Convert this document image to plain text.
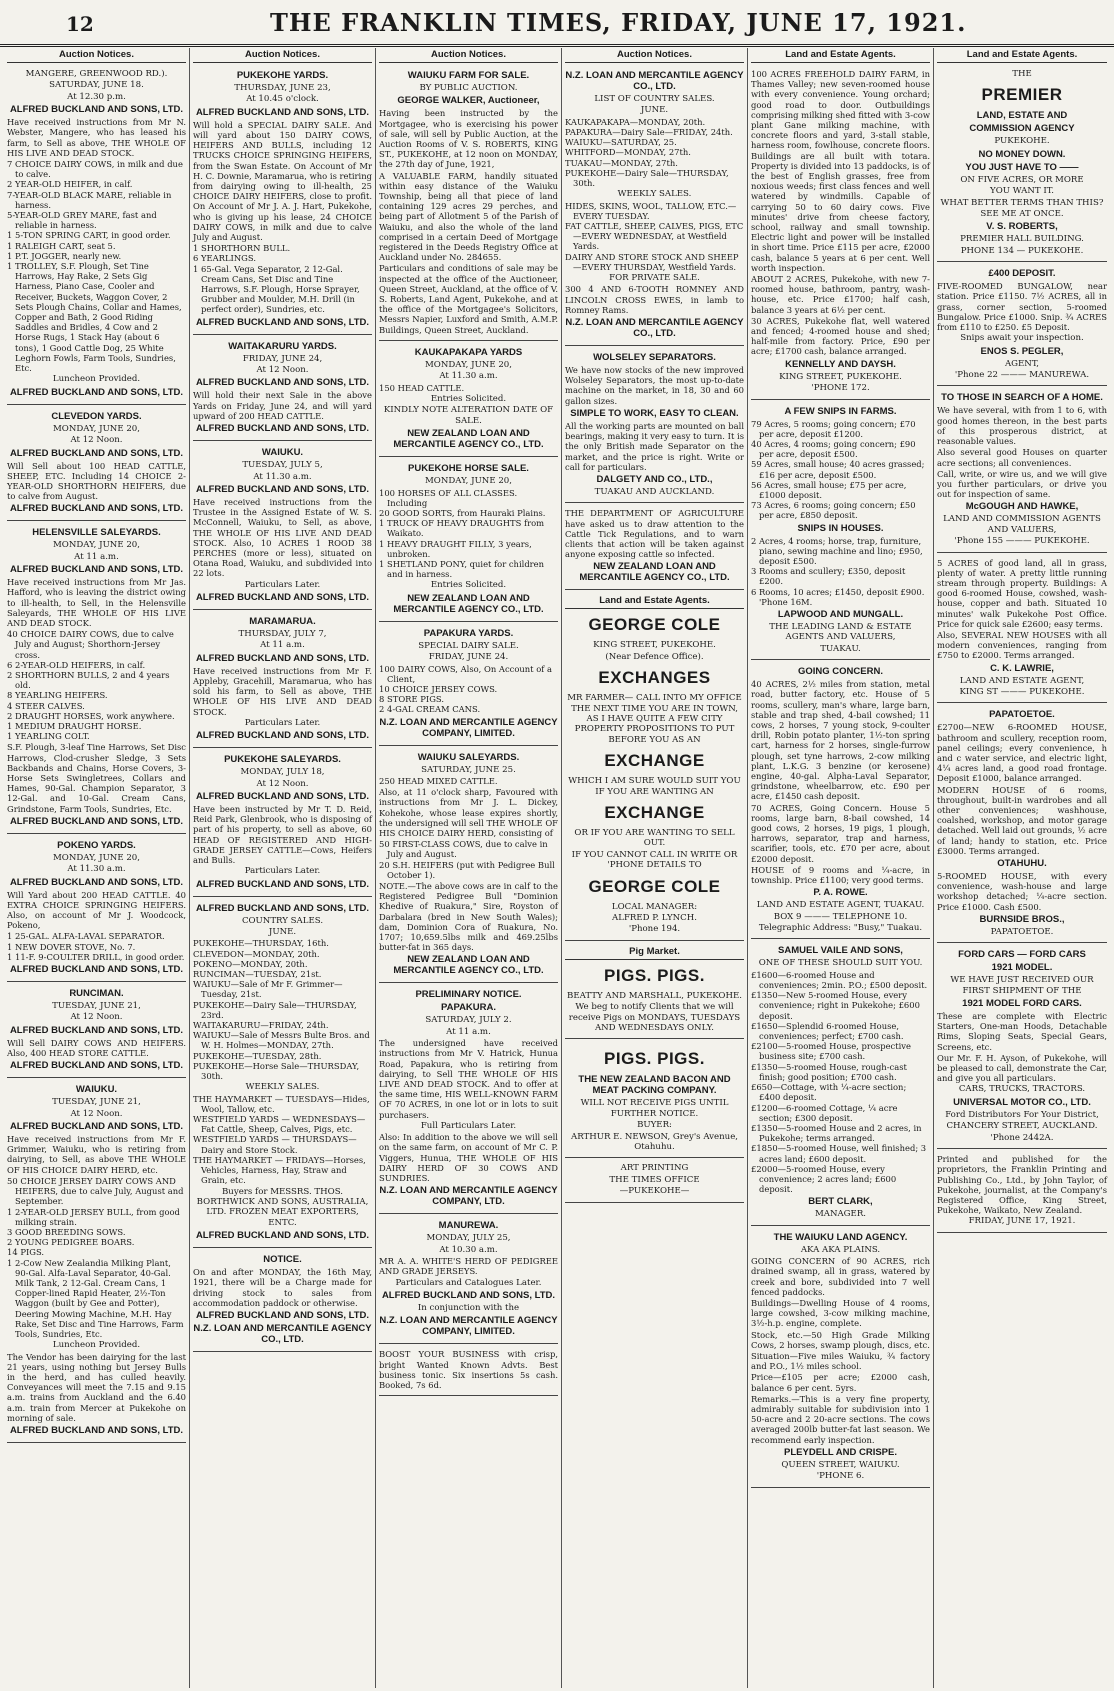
12	THE FRANKLIN TIMES, FRIDAY, JUNE 17, 1921.
Auction Notices.
MANGERE, GREENWOOD RD.).
SATURDAY, JUNE 18.
At 12.30 p.m.
ALFRED BUCKLAND AND SONS, LTD.
Have received instructions from Mr N. Webster, Mangere, who has leased his farm, to Sell as above, THE WHOLE OF HIS LIVE AND DEAD STOCK.
7 CHOICE DAIRY COWS, in milk and due to calve.
2 YEAR-OLD HEIFER, in calf.
7-YEAR-OLD BLACK MARE, reliable in harness.
5-YEAR-OLD GREY MARE, fast and reliable in harness.
1 5-TON SPRING CART, in good order.
1 RALEIGH CART, seat 5.
1 P.T. JOGGER, nearly new.
1 TROLLEY, S.F. Plough, Set Tine Harrows, Hay Rake, 2 Sets Gig Harness, Piano Case, Cooler and Receiver, Buckets, Waggon Cover, 2 Sets Plough Chains, Collar and Hames, Copper and Bath, 2 Good Riding Saddles and Bridles, 4 Cow and 2 Horse Rugs, 1 Stack Hay (about 6 tons), 1 Good Cattle Dog, 25 White Leghorn Fowls, Farm Tools, Sundries, Etc.
Luncheon Provided.
ALFRED BUCKLAND AND SONS, LTD.
CLEVEDON YARDS.
MONDAY, JUNE 20,
At 12 Noon.
ALFRED BUCKLAND AND SONS, LTD.
Will Sell about 100 HEAD CATTLE, SHEEP, ETC. Including 14 CHOICE 2-YEAR-OLD SHORTHORN HEIFERS, due to calve from August.
ALFRED BUCKLAND AND SONS, LTD.
HELENSVILLE SALEYARDS.
MONDAY, JUNE 20,
At 11 a.m.
ALFRED BUCKLAND AND SONS, LTD.
Have received instructions from Mr Jas. Hafford, who is leaving the district owing to ill-health, to Sell, in the Helensville Saleyards, THE WHOLE OF HIS LIVE AND DEAD STOCK.
40 CHOICE DAIRY COWS, due to calve July and August; Shorthorn-Jersey cross.
6 2-YEAR-OLD HEIFERS, in calf.
2 SHORTHORN BULLS, 2 and 4 years old.
8 YEARLING HEIFERS.
4 STEER CALVES.
2 DRAUGHT HORSES, work anywhere.
1 MEDIUM DRAUGHT HORSE.
1 YEARLING COLT.
S.F. Plough, 3-leaf Tine Harrows, Set Disc Harrows, Clod-crusher Sledge, 3 Sets Backbands and Chains, Horse Covers, 3-Horse Sets Swingletrees, Collars and Hames, 90-Gal. Champion Separator, 3 12-Gal. and 10-Gal. Cream Cans, Grindstone, Farm Tools, Sundries, Etc.
ALFRED BUCKLAND AND SONS, LTD.
POKENO YARDS.
MONDAY, JUNE 20,
At 11.30 a.m.
ALFRED BUCKLAND AND SONS, LTD.
Will Yard about 200 HEAD CATTLE. 40 EXTRA CHOICE SPRINGING HEIFERS. Also, on account of Mr J. Woodcock, Pokeno,
1 25-GAL. ALFA-LAVAL SEPARATOR.
1 NEW DOVER STOVE, No. 7.
1 11-F. 9-COULTER DRILL, in good order.
ALFRED BUCKLAND AND SONS, LTD.
RUNCIMAN.
TUESDAY, JUNE 21,
At 12 Noon.
ALFRED BUCKLAND AND SONS, LTD.
Will Sell DAIRY COWS AND HEIFERS. Also, 400 HEAD STORE CATTLE.
ALFRED BUCKLAND AND SONS, LTD.
WAIUKU.
TUESDAY, JUNE 21,
At 12 Noon.
ALFRED BUCKLAND AND SONS, LTD.
Have received instructions from Mr F. Grimmer, Waiuku, who is retiring from dairying, to Sell, as above THE WHOLE OF HIS CHOICE DAIRY HERD, etc.
50 CHOICE JERSEY DAIRY COWS AND HEIFERS, due to calve July, August and September.
1 2-YEAR-OLD JERSEY BULL, from good milking strain.
3 GOOD BREEDING SOWS.
2 YOUNG PEDIGREE BOARS.
14 PIGS.
1 2-Cow New Zealandia Milking Plant, 90-Gal. Alfa-Laval Separator, 40-Gal. Milk Tank, 2 12-Gal. Cream Cans, 1 Copper-lined Rapid Heater, 2½-Ton Waggon (built by Gee and Potter), Deering Mowing Machine, M.H. Hay Rake, Set Disc and Tine Harrows, Farm Tools, Sundries, Etc.
Luncheon Provided.
The Vendor has been dairying for the last 21 years, using nothing but Jersey Bulls in the herd, and has culled heavily. Conveyances will meet the 7.15 and 9.15 a.m. trains from Auckland and the 6.40 a.m. train from Mercer at Pukekohe on morning of sale.
ALFRED BUCKLAND AND SONS, LTD.
Auction Notices.
PUKEKOHE YARDS.
THURSDAY, JUNE 23,
At 10.45 o'clock.
ALFRED BUCKLAND AND SONS, LTD.
Will hold a SPECIAL DAIRY SALE. And will yard about 150 DAIRY COWS, HEIFERS AND BULLS, including 12 TRUCKS CHOICE SPRINGING HEIFERS, from the Swan Estate. On Account of Mr H. C. Downie, Maramarua, who is retiring from dairying owing to ill-health, 25 CHOICE DAIRY HEIFERS, close to profit. On Account of Mr J. A. J. Hart, Pukekohe, who is giving up his lease, 24 CHOICE DAIRY COWS, in milk and due to calve July and August.
1 SHORTHORN BULL.
6 YEARLINGS.
1 65-Gal. Vega Separator, 2 12-Gal. Cream Cans, Set Disc and Tine Harrows, S.F. Plough, Horse Sprayer, Grubber and Moulder, M.H. Drill (in perfect order), Sundries, etc.
ALFRED BUCKLAND AND SONS, LTD.
WAITAKARURU YARDS.
FRIDAY, JUNE 24,
At 12 Noon.
ALFRED BUCKLAND AND SONS, LTD.
Will hold their next Sale in the above Yards on Friday, June 24, and will yard upward of 200 HEAD CATTLE.
ALFRED BUCKLAND AND SONS, LTD.
WAIUKU.
TUESDAY, JULY 5,
At 11.30 a.m.
ALFRED BUCKLAND AND SONS, LTD.
Have received instructions from the Trustee in the Assigned Estate of W. S. McConnell, Waiuku, to Sell, as above, THE WHOLE OF HIS LIVE AND DEAD STOCK. Also, 10 ACRES 1 ROOD 38 PERCHES (more or less), situated on Otana Road, Waiuku, and subdivided into 22 lots.
Particulars Later.
ALFRED BUCKLAND AND SONS, LTD.
MARAMARUA.
THURSDAY, JULY 7,
At 11 a.m.
ALFRED BUCKLAND AND SONS, LTD.
Have received instructions from Mr F. Appleby, Gracehill, Maramarua, who has sold his farm, to Sell as above, THE WHOLE OF HIS LIVE AND DEAD STOCK.
Particulars Later.
ALFRED BUCKLAND AND SONS, LTD.
PUKEKOHE SALEYARDS.
MONDAY, JULY 18,
At 12 Noon.
ALFRED BUCKLAND AND SONS, LTD.
Have been instructed by Mr T. D. Reid, Reid Park, Glenbrook, who is disposing of part of his property, to sell as above, 60 HEAD OF REGISTERED AND HIGH-GRADE JERSEY CATTLE—Cows, Heifers and Bulls.
Particulars Later.
ALFRED BUCKLAND AND SONS, LTD.
ALFRED BUCKLAND AND SONS, LTD.
COUNTRY SALES.
JUNE.
PUKEKOHE—THURSDAY, 16th.
CLEVEDON—MONDAY, 20th.
POKENO—MONDAY, 20th.
RUNCIMAN—TUESDAY, 21st.
WAIUKU—Sale of Mr F. Grimmer—Tuesday, 21st.
PUKEKOHE—Dairy Sale—THURSDAY, 23rd.
WAITAKARURU—FRIDAY, 24th.
WAIUKU—Sale of Messrs Bulte Bros. and W. H. Holmes—MONDAY, 27th.
PUKEKOHE—TUESDAY, 28th.
PUKEKOHE—Horse Sale—THURSDAY, 30th.
WEEKLY SALES.
THE HAYMARKET — TUESDAYS—Hides, Wool, Tallow, etc.
WESTFIELD YARDS — WEDNESDAYS—Fat Cattle, Sheep, Calves, Pigs, etc.
WESTFIELD YARDS — THURSDAYS—Dairy and Store Stock.
THE HAYMARKET — FRIDAYS—Horses, Vehicles, Harness, Hay, Straw and Grain, etc.
Buyers for MESSRS. THOS. BORTHWICK AND SONS, AUSTRALIA, LTD. FROZEN MEAT EXPORTERS, ENTC.
ALFRED BUCKLAND AND SONS, LTD.
NOTICE.
On and after MONDAY, the 16th May, 1921, there will be a Charge made for driving stock to sales from accommodation paddock or otherwise.
ALFRED BUCKLAND AND SONS, LTD.
N.Z. LOAN AND MERCANTILE AGENCY CO., LTD.
Auction Notices.
WAIUKU FARM FOR SALE.
BY PUBLIC AUCTION.
GEORGE WALKER, Auctioneer,
Having been instructed by the Mortgagee, who is exercising his power of sale, will sell by Public Auction, at the Auction Rooms of V. S. ROBERTS, KING ST., PUKEKOHE, at 12 noon on MONDAY, the 27th day of June, 1921,
A VALUABLE FARM, handily situated within easy distance of the Waiuku Township, being all that piece of land containing 129 acres 29 perches, and being part of Allotment 5 of the Parish of Waiuku, and also the whole of the land comprised in a certain Deed of Mortgage registered in the Deeds Registry Office at Auckland under No. 284655.
Particulars and conditions of sale may be inspected at the office of the Auctioneer, Queen Street, Auckland, at the office of V. S. Roberts, Land Agent, Pukekohe, and at the office of the Mortgagee's Solicitors, Messrs Napier, Luxford and Smith, A.M.P. Buildings, Queen Street, Auckland.
KAUKAPAKAPA YARDS
MONDAY, JUNE 20,
At 11.30 a.m.
150 HEAD CATTLE.
Entries Solicited.
KINDLY NOTE ALTERATION DATE OF SALE.
NEW ZEALAND LOAN AND MERCANTILE AGENCY CO., LTD.
PUKEKOHE HORSE SALE.
MONDAY, JUNE 20,
100 HORSES OF ALL CLASSES. Including
20 GOOD SORTS, from Hauraki Plains.
1 TRUCK OF HEAVY DRAUGHTS from Waikato.
1 HEAVY DRAUGHT FILLY, 3 years, unbroken.
1 SHETLAND PONY, quiet for children and in harness.
Entries Solicited.
NEW ZEALAND LOAN AND MERCANTILE AGENCY CO., LTD.
PAPAKURA YARDS.
SPECIAL DAIRY SALE.
FRIDAY, JUNE 24.
100 DAIRY COWS, Also, On Account of a Client,
10 CHOICE JERSEY COWS.
8 STORE PIGS.
2 4-GAL CREAM CANS.
N.Z. LOAN AND MERCANTILE AGENCY COMPANY, LIMITED.
WAIUKU SALEYARDS.
SATURDAY, JUNE 25.
250 HEAD MIXED CATTLE.
Also, at 11 o'clock sharp, Favoured with instructions from Mr J. L. Dickey, Kohekohe, whose lease expires shortly, the undersigned will sell THE WHOLE OF HIS CHOICE DAIRY HERD, consisting of
50 FIRST-CLASS COWS, due to calve in July and August.
20 S.H. HEIFERS (put with Pedigree Bull October 1).
NOTE.—The above cows are in calf to the Registered Pedigree Bull "Dominion Khedive of Ruakura," Sire, Royston of Darbalara (bred in New South Wales); dam, Dominion Cora of Ruakura, No. 1707; 10,659.5lbs milk and 469.25lbs butter-fat in 365 days.
NEW ZEALAND LOAN AND MERCANTILE AGENCY CO., LTD.
PRELIMINARY NOTICE.
PAPAKURA.
SATURDAY, JULY 2.
At 11 a.m.
The undersigned have received instructions from Mr V. Hatrick, Hunua Road, Papakura, who is retiring from dairying, to Sell THE WHOLE OF HIS LIVE AND DEAD STOCK. And to offer at the same time, HIS WELL-KNOWN FARM OF 70 ACRES, in one lot or in lots to suit purchasers.
Full Particulars Later.
Also: In addition to the above we will sell on the same farm, on account of Mr C. P. Viggers, Hunua, THE WHOLE OF HIS DAIRY HERD OF 30 COWS AND SUNDRIES.
N.Z. LOAN AND MERCANTILE AGENCY COMPANY, LTD.
MANUREWA.
MONDAY, JULY 25,
At 10.30 a.m.
MR A. A. WHITE'S HERD OF PEDIGREE AND GRADE JERSEYS.
Particulars and Catalogues Later.
ALFRED BUCKLAND AND SONS, LTD.
In conjunction with the
N.Z. LOAN AND MERCANTILE AGENCY COMPANY, LIMITED.
BOOST YOUR BUSINESS with crisp, bright Wanted Known Advts. Best business tonic. Six insertions 5s cash. Booked, 7s 6d.
Auction Notices.
N.Z. LOAN AND MERCANTILE AGENCY CO., LTD.
LIST OF COUNTRY SALES.
JUNE.
KAUKAPAKAPA—MONDAY, 20th.
PAPAKURA—Dairy Sale—FRIDAY, 24th.
WAIUKU—SATURDAY, 25.
WHITFORD—MONDAY, 27th.
TUAKAU—MONDAY, 27th.
PUKEKOHE—Dairy Sale—THURSDAY, 30th.
WEEKLY SALES.
HIDES, SKINS, WOOL, TALLOW, ETC.—EVERY TUESDAY.
FAT CATTLE, SHEEP, CALVES, PIGS, ETC—EVERY WEDNESDAY, at Westfield Yards.
DAIRY AND STORE STOCK AND SHEEP—EVERY THURSDAY, Westfield Yards.
FOR PRIVATE SALE.
300 4 AND 6-TOOTH ROMNEY AND LINCOLN CROSS EWES, in lamb to Romney Rams.
N.Z. LOAN AND MERCANTILE AGENCY CO., LTD.
WOLSELEY SEPARATORS.
We have now stocks of the new improved Wolseley Separators, the most up-to-date machine on the market, in 18, 30 and 60 gallon sizes.
SIMPLE TO WORK, EASY TO CLEAN.
All the working parts are mounted on ball bearings, making it very easy to turn. It is the only British made Separator on the market, and the price is right. Write or call for particulars.
DALGETY AND CO., LTD.,
TUAKAU AND AUCKLAND.
THE DEPARTMENT OF AGRICULTURE have asked us to draw attention to the Cattle Tick Regulations, and to warn clients that action will be taken against anyone exposing cattle so infected.
NEW ZEALAND LOAN AND MERCANTILE AGENCY CO., LTD.
Land and Estate Agents.
GEORGE COLE
KING STREET, PUKEKOHE.
(Near Defence Office).
EXCHANGES
MR FARMER— CALL INTO MY OFFICE THE NEXT TIME YOU ARE IN TOWN, AS I HAVE QUITE A FEW CITY PROPERTY PROPOSITIONS TO PUT BEFORE YOU AS AN
EXCHANGE
WHICH I AM SURE WOULD SUIT YOU IF YOU ARE WANTING AN
EXCHANGE
OR IF YOU ARE WANTING TO SELL OUT.
IF YOU CANNOT CALL IN WRITE OR 'PHONE DETAILS TO
GEORGE COLE
LOCAL MANAGER:
ALFRED P. LYNCH.
'Phone 194.
Pig Market.
PIGS. PIGS.
BEATTY AND MARSHALL, PUKEKOHE.
We beg to notify Clients that we will receive Pigs on MONDAYS, TUESDAYS AND WEDNESDAYS ONLY.
PIGS. PIGS.
THE NEW ZEALAND BACON AND MEAT PACKING COMPANY.
WILL NOT RECEIVE PIGS UNTIL FURTHER NOTICE.
BUYER:
ARTHUR E. NEWSON, Grey's Avenue, Otahuhu.
ART PRINTING
THE TIMES OFFICE
—PUKEKOHE—
Land and Estate Agents.
100 ACRES FREEHOLD DAIRY FARM, in Thames Valley; new seven-roomed house with every convenience. Young orchard; good road to door. Outbuildings comprising milking shed fitted with 3-cow plant Gane milking machine, with concrete floors and yard, 3-stall stable, harness room, fowlhouse, concrete floors. Buildings are all built with totara. Property is divided into 13 paddocks, is of the best of English grasses, free from noxious weeds; first class fences and well watered by windmills. Capable of carrying 50 to 60 dairy cows. Five minutes' drive from cheese factory, school, railway and small township. Electric light and power will be installed in short time. Price £115 per acre, £2000 cash, balance 5 years at 6 per cent. Well worth inspection.
ABOUT 2 ACRES, Pukekohe, with new 7-roomed house, bathroom, pantry, wash-house, etc. Price £1700; half cash, balance 3 years at 6½ per cent.
30 ACRES, Pukekohe flat, well watered and fenced; 4-roomed house and shed; half-mile from factory. Price, £90 per acre; £1700 cash, balance arranged.
KENNELLY AND DAYSH.
KING STREET, PUKEKOHE.
'PHONE 172.
A FEW SNIPS IN FARMS.
79 Acres, 5 rooms; going concern; £70 per acre, deposit £1200.
40 Acres, 4 rooms; going concern; £90 per acre, deposit £500.
59 Acres, small house; 40 acres grassed; £16 per acre, deposit £500.
56 Acres, small house; £75 per acre, £1000 deposit.
73 Acres, 6 rooms; going concern; £50 per acre, £850 deposit.
SNIPS IN HOUSES.
2 Acres, 4 rooms; horse, trap, furniture, piano, sewing machine and lino; £950, deposit £500.
3 Rooms and scullery; £350, deposit £200.
6 Rooms, 10 acres; £1450, deposit £900. 'Phone 16M.
LAPWOOD AND MUNGALL.
THE LEADING LAND & ESTATE AGENTS AND VALUERS,
TUAKAU.
GOING CONCERN.
40 ACRES, 2½ miles from station, metal road, butter factory, etc. House of 5 rooms, scullery, man's whare, large barn, stable and trap shed, 4-bail cowshed; 11 cows, 2 horses, 7 young stock, 9-coulter drill, Robin potato planter, 1½-ton spring cart, harness for 2 horses, single-furrow plough, set tyne harrows, 2-cow milking plant, L.K.G. 3 benzine (or kerosene) engine, 40-gal. Alpha-Laval Separator, grindstone, wheelbarrow, etc. £90 per acre, £1450 cash deposit.
70 ACRES, Going Concern. House 5 rooms, large barn, 8-bail cowshed, 14 good cows, 2 horses, 19 pigs, 1 plough, harrows, separator, trap and harness, scarifier, tools, etc. £70 per acre, about £2000 deposit.
HOUSE of 9 rooms and ¼-acre, in township. Price £1100; very good terms.
P. A. ROWE.
LAND AND ESTATE AGENT, TUAKAU.
BOX 9 ——— TELEPHONE 10.
Telegraphic Address: "Busy," Tuakau.
SAMUEL VAILE AND SONS,
ONE OF THESE SHOULD SUIT YOU.
£1600—6-roomed House and conveniences; 2min. P.O.; £500 deposit.
£1350—New 5-roomed House, every convenience; right in Pukekohe; £600 deposit.
£1650—Splendid 6-roomed House, conveniences; perfect; £700 cash.
£2100—5-roomed House, prospective business site; £700 cash.
£1350—5-roomed House, rough-cast finish; good position; £700 cash.
£650—Cottage, with ¼-acre section; £400 deposit.
£1200—6-roomed Cottage, ¼ acre section; £300 deposit.
£1350—5-roomed House and 2 acres, in Pukekohe; terms arranged.
£1850—5-roomed House, well finished; 3 acres land; £600 deposit.
£2000—5-roomed House, every convenience; 2 acres land; £600 deposit.
BERT CLARK,
MANAGER.
THE WAIUKU LAND AGENCY.
AKA AKA PLAINS.
GOING CONCERN of 90 ACRES, rich drained swamp, all in grass, watered by creek and bore, subdivided into 7 well fenced paddocks.
Buildings—Dwelling House of 4 rooms, large cowshed, 3-cow milking machine, 3½-h.p. engine, complete.
Stock, etc.—50 High Grade Milking Cows, 2 horses, swamp plough, discs, etc.
Situation—Five miles Waiuku, ¾ factory and P.O., 1½ miles school.
Price—£105 per acre; £2000 cash, balance 6 per cent. 5yrs.
Remarks.—This is a very fine property, admirably suitable for subdivision into 1 50-acre and 2 20-acre sections. The cows averaged 200lb butter-fat last season. We recommend early inspection.
PLEYDELL AND CRISPE.
QUEEN STREET, WAIUKU.
'PHONE 6.
Land and Estate Agents.
THE
PREMIER
LAND, ESTATE AND
COMMISSION AGENCY
PUKEKOHE.
NO MONEY DOWN.
YOU JUST HAVE TO ——
ON FIVE ACRES, OR MORE
YOU WANT IT.
WHAT BETTER TERMS THAN THIS?
SEE ME AT ONCE.
V. S. ROBERTS,
PREMIER HALL BUILDING.
PHONE 134 — PUKEKOHE.
£400 DEPOSIT.
FIVE-ROOMED BUNGALOW, near station. Price £1150. 7½ ACRES, all in grass, corner section, 5-roomed Bungalow. Price £1000. Snip. ¾ ACRES from £110 to £250. £5 Deposit.
Snips await your inspection.
ENOS S. PEGLER,
AGENT,
'Phone 22 ——— MANUREWA.
TO THOSE IN SEARCH OF A HOME.
We have several, with from 1 to 6, with good homes thereon, in the best parts of this prosperous district, at reasonable values.
Also several good Houses on quarter acre sections; all conveniences.
Call, write, or wire us, and we will give you further particulars, or drive you out for inspection of same.
McGOUGH AND HAWKE,
LAND AND COMMISSION AGENTS AND VALUERS,
'Phone 155 ——— PUKEKOHE.
5 ACRES of good land, all in grass, plenty of water. A pretty little running stream through property. Buildings: A good 6-roomed House, cowshed, wash-house, copper and bath. Situated 10 minutes' walk Pukekohe Post Office. Price for quick sale £2600; easy terms.
Also, SEVERAL NEW HOUSES with all modern conveniences, ranging from £750 to £2000. Terms arranged.
C. K. LAWRIE,
LAND AND ESTATE AGENT,
KING ST ——— PUKEKOHE.
PAPATOETOE.
£2700—NEW 6-ROOMED HOUSE, bathroom and scullery, reception room, panel ceilings; every convenience, h and c water service, and electric light, 4¼ acres land, a good road frontage. Deposit £1000, balance arranged.
MODERN HOUSE of 6 rooms, throughout, built-in wardrobes and all other conveniences; washhouse, coalshed, workshop, and motor garage detached. Well laid out grounds, ½ acre of land; handy to station, etc. Price £3000. Terms arranged.
OTAHUHU.
5-ROOMED HOUSE, with every convenience, wash-house and large workshop detached; ¼-acre section. Price £1000. Cash £500.
BURNSIDE BROS.,
PAPATOETOE.
FORD CARS — FORD CARS
1921 MODEL.
WE HAVE JUST RECEIVED OUR FIRST SHIPMENT OF THE
1921 MODEL FORD CARS.
These are complete with Electric Starters, One-man Hoods, Detachable Rims, Sloping Seats, Special Gears, Screens, etc.
Our Mr. F. H. Ayson, of Pukekohe, will be pleased to call, demonstrate the Car, and give you all particulars.
CARS, TRUCKS, TRACTORS.
UNIVERSAL MOTOR CO., LTD.
Ford Distributors For Your District,
CHANCERY STREET, AUCKLAND.
'Phone 2442A.
Printed and published for the proprietors, the Franklin Printing and Publishing Co., Ltd., by John Taylor, of Pukekohe, journalist, at the Company's Registered Office, King Street, Pukekohe, Waikato, New Zealand.
FRIDAY, JUNE 17, 1921.
